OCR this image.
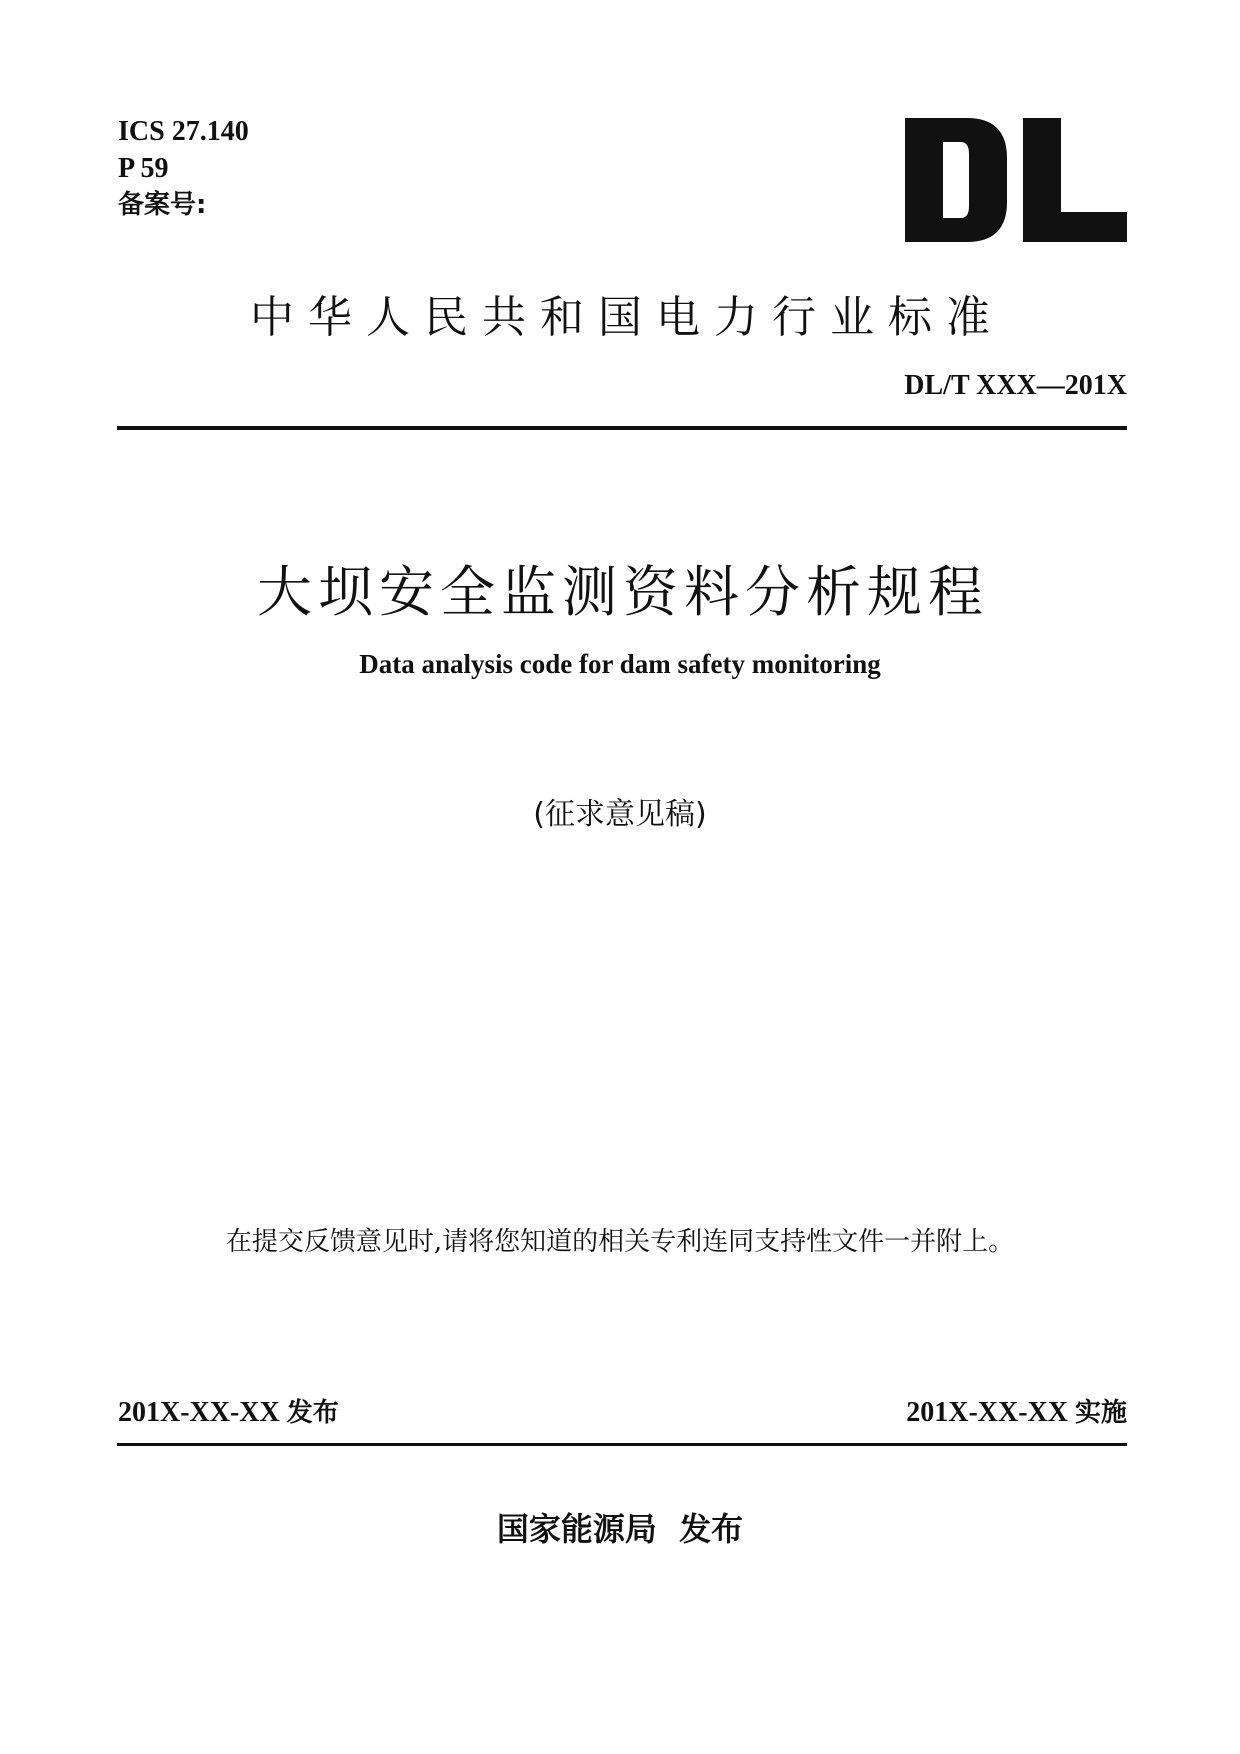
ICS 27.140
P 59
备案号:
中华人民共和国电力行业标准
DL/T XXX—201X
大坝安全监测资料分析规程
Data analysis code for dam safety monitoring
(征求意见稿)
在提交反馈意见时,请将您知道的相关专利连同支持性文件一并附上。
201X-XX-XX 发布	201X-XX-XX 实施
国家能源局  发布
